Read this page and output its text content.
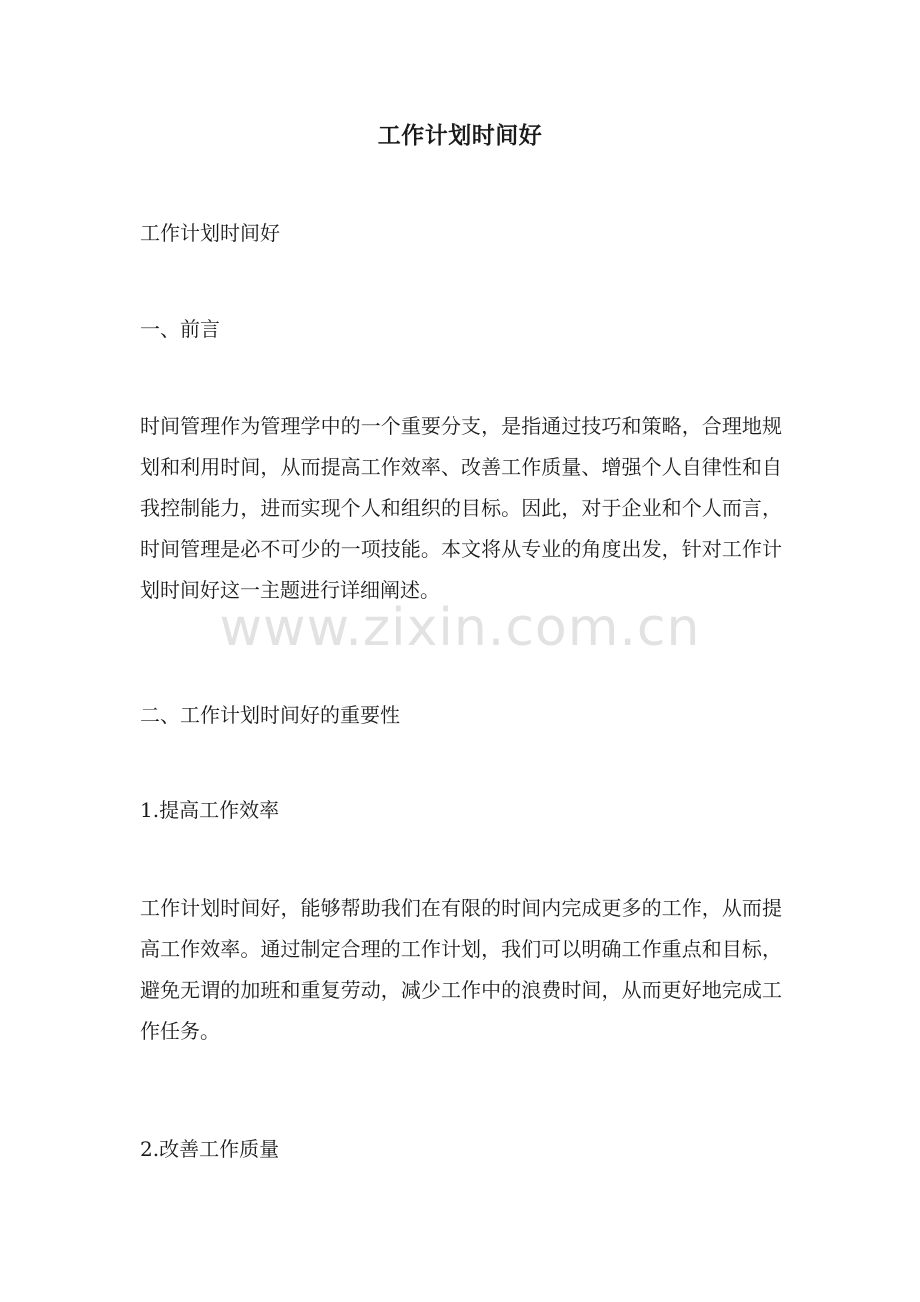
工作计划时间好

工作计划时间好

一、前言

时间管理作为管理学中的一个重要分支，是指通过技巧和策略，合理地规划和利用时间，从而提高工作效率、改善工作质量、增强个人自律性和自我控制能力，进而实现个人和组织的目标。因此，对于企业和个人而言，时间管理是必不可少的一项技能。本文将从专业的角度出发，针对工作计划时间好这一主题进行详细阐述。

二、工作计划时间好的重要性

1.提高工作效率

工作计划时间好，能够帮助我们在有限的时间内完成更多的工作，从而提高工作效率。通过制定合理的工作计划，我们可以明确工作重点和目标，避免无谓的加班和重复劳动，减少工作中的浪费时间，从而更好地完成工作任务。

2.改善工作质量

www.zixin.com.cn
